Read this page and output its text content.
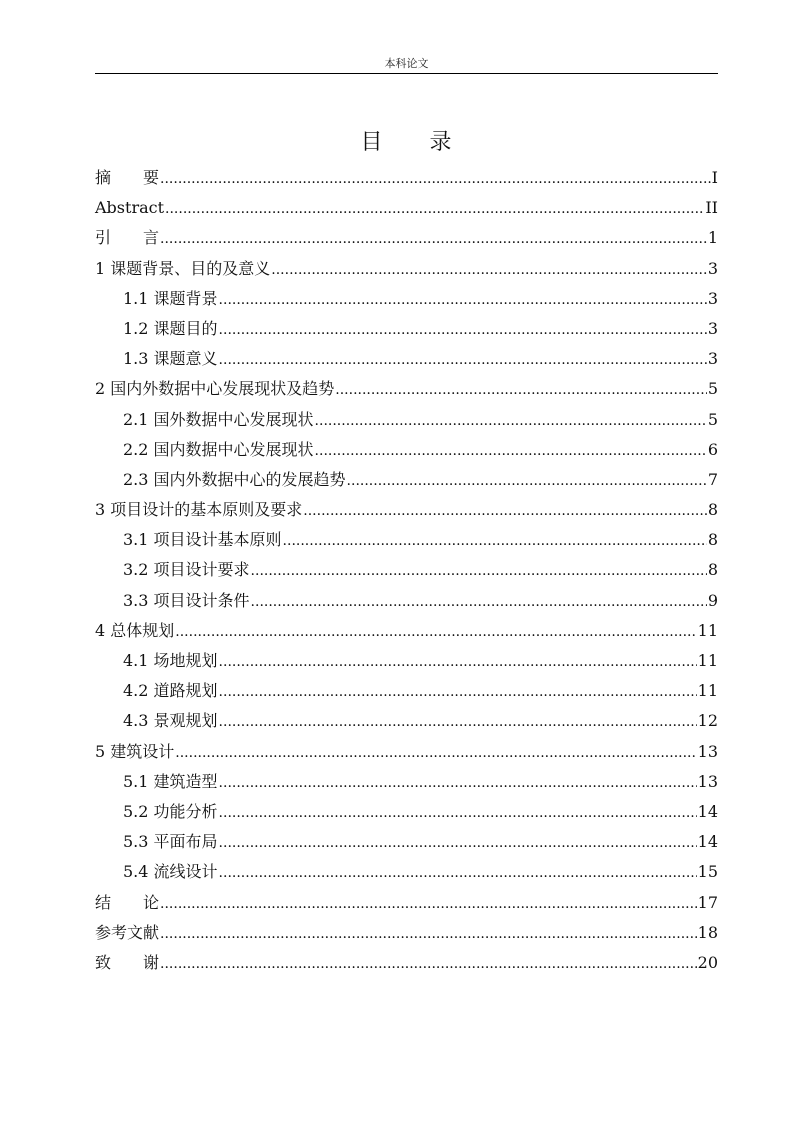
本科论文
目　　录
摘　　要 .....	I
Abstract .....	II
引　　言 .....	1
1 课题背景、目的及意义 .....	3
1.1 课题背景 .....	3
1.2 课题目的 .....	3
1.3 课题意义 .....	3
2 国内外数据中心发展现状及趋势 .....	5
2.1 国外数据中心发展现状 .....	5
2.2 国内数据中心发展现状 .....	6
2.3 国内外数据中心的发展趋势 .....	7
3 项目设计的基本原则及要求 .....	8
3.1 项目设计基本原则 .....	8
3.2 项目设计要求 .....	8
3.3 项目设计条件 .....	9
4 总体规划 .....	11
4.1 场地规划 .....	11
4.2 道路规划 .....	11
4.3 景观规划 .....	12
5 建筑设计 .....	13
5.1 建筑造型 .....	13
5.2 功能分析 .....	14
5.3 平面布局 .....	14
5.4 流线设计 .....	15
结　　论 .....	17
参考文献 .....	18
致　　谢 .....	20
